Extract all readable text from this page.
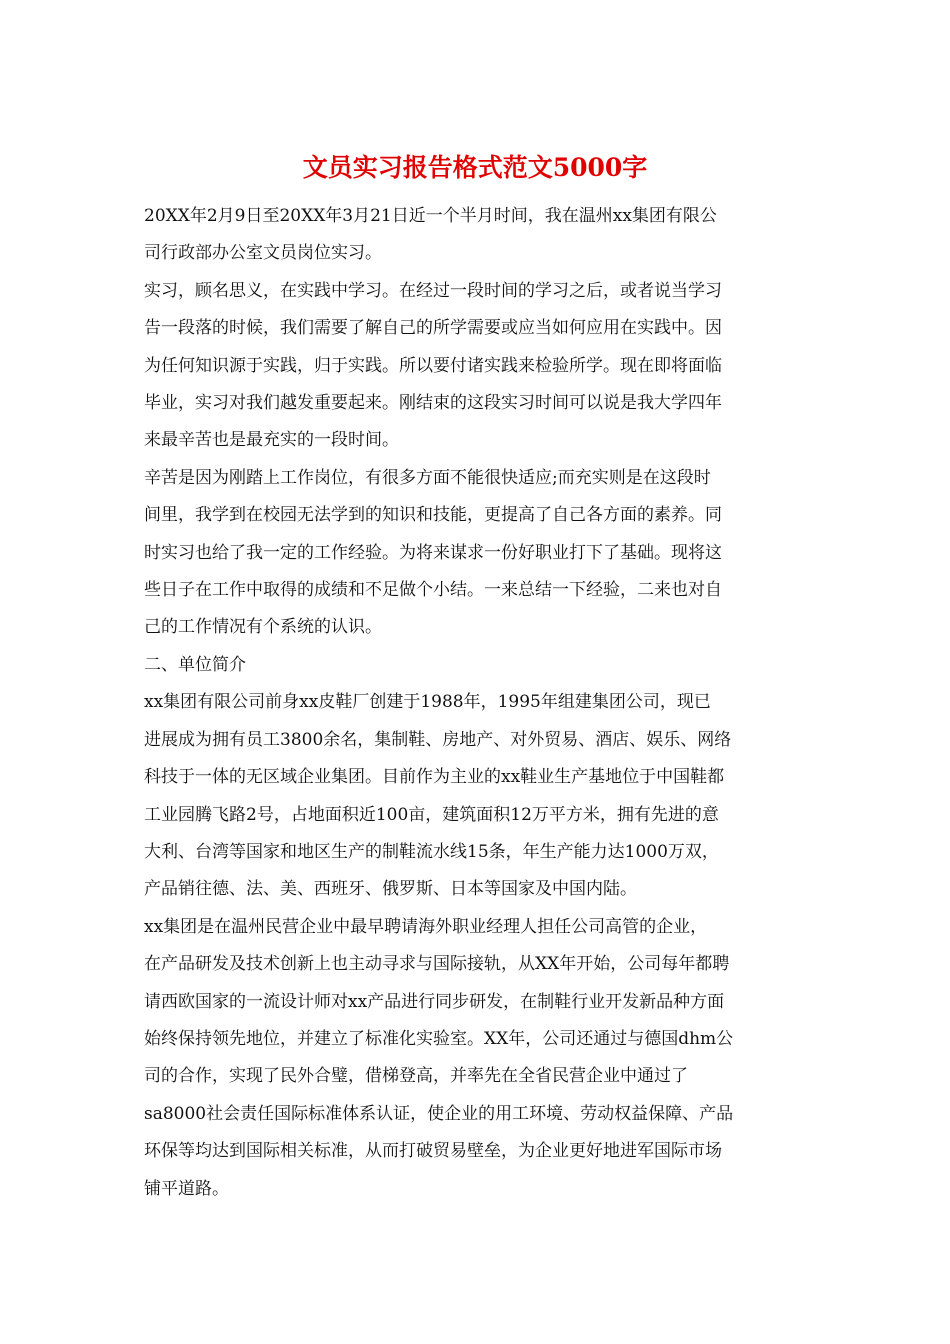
文员实习报告格式范文5000字

20XX年2月9日至20XX年3月21日近一个半月时间，我在温州xx集团有限公

司行政部办公室文员岗位实习。

实习，顾名思义，在实践中学习。在经过一段时间的学习之后，或者说当学习

告一段落的时候，我们需要了解自己的所学需要或应当如何应用在实践中。因

为任何知识源于实践，归于实践。所以要付诸实践来检验所学。现在即将面临

毕业，实习对我们越发重要起来。刚结束的这段实习时间可以说是我大学四年

来最辛苦也是最充实的一段时间。

辛苦是因为刚踏上工作岗位，有很多方面不能很快适应;而充实则是在这段时

间里，我学到在校园无法学到的知识和技能，更提高了自己各方面的素养。同

时实习也给了我一定的工作经验。为将来谋求一份好职业打下了基础。现将这

些日子在工作中取得的成绩和不足做个小结。一来总结一下经验，二来也对自

己的工作情况有个系统的认识。

二、单位简介

xx集团有限公司前身xx皮鞋厂创建于1988年，1995年组建集团公司，现已

进展成为拥有员工3800余名，集制鞋、房地产、对外贸易、酒店、娱乐、网络

科技于一体的无区域企业集团。目前作为主业的xx鞋业生产基地位于中国鞋都

工业园腾飞路2号，占地面积近100亩，建筑面积12万平方米，拥有先进的意

大利、台湾等国家和地区生产的制鞋流水线15条，年生产能力达1000万双，

产品销往德、法、美、西班牙、俄罗斯、日本等国家及中国内陆。

xx集团是在温州民营企业中最早聘请海外职业经理人担任公司高管的企业，

在产品研发及技术创新上也主动寻求与国际接轨，从XX年开始，公司每年都聘

请西欧国家的一流设计师对xx产品进行同步研发，在制鞋行业开发新品种方面

始终保持领先地位，并建立了标准化实验室。XX年，公司还通过与德国dhm公

司的合作，实现了民外合璧，借梯登高，并率先在全省民营企业中通过了

sa8000社会责任国际标准体系认证，使企业的用工环境、劳动权益保障、产品

环保等均达到国际相关标准，从而打破贸易壁垒，为企业更好地进军国际市场

铺平道路。
